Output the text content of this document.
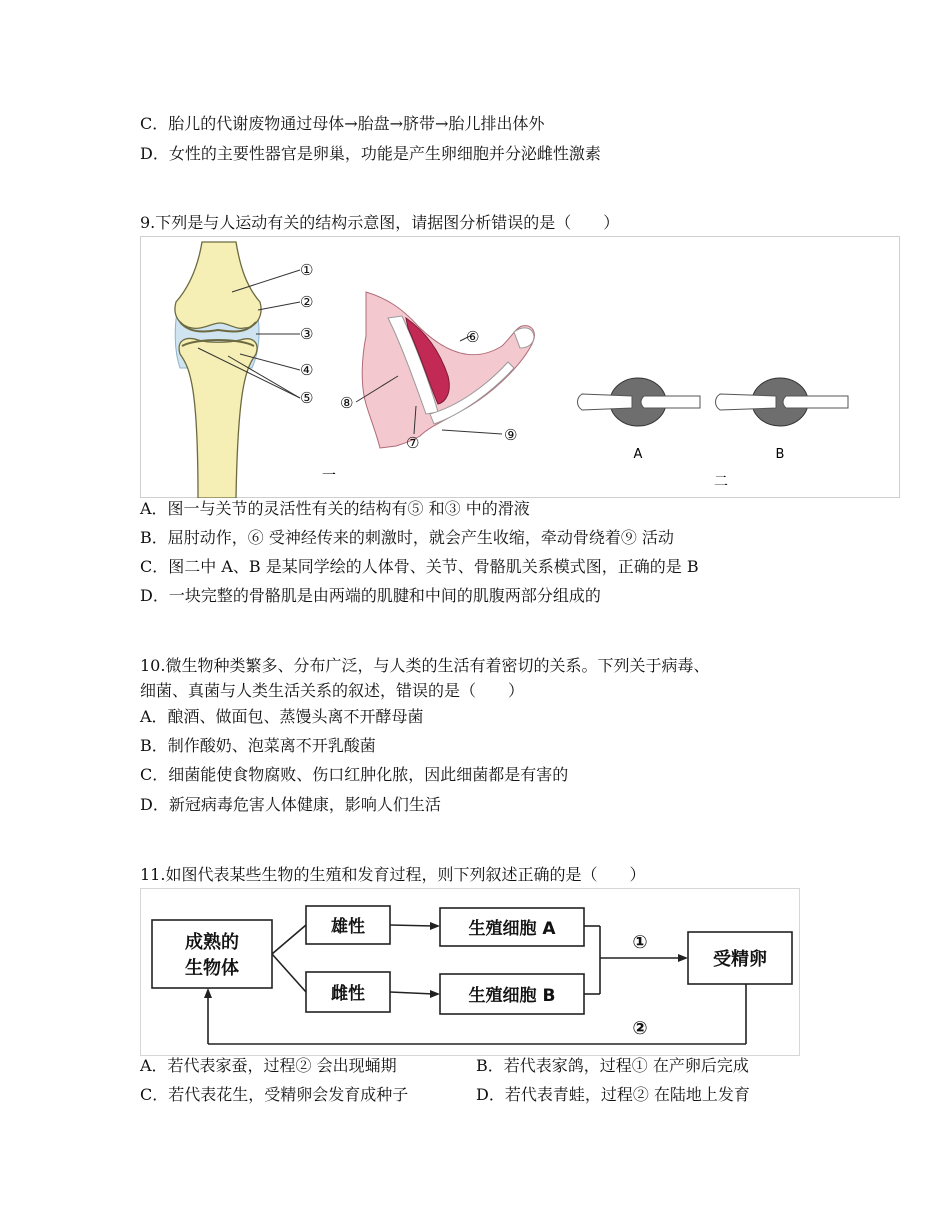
C．胎儿的代谢废物通过母体→胎盘→脐带→胎儿排出体外
D．女性的主要性器官是卵巢，功能是产生卵细胞并分泌雌性激素
9.下列是与人运动有关的结构示意图，请据图分析错误的是（　　）
①
②
③
④
⑤
一
⑥
⑧
⑦	⑨
A	B
二
A．图一与关节的灵活性有关的结构有⑤ 和③ 中的滑液
B．屈肘动作，⑥ 受神经传来的刺激时，就会产生收缩，牵动骨绕着⑨ 活动
C．图二中 A、B 是某同学绘的人体骨、关节、骨骼肌关系模式图，正确的是 B
D．一块完整的骨骼肌是由两端的肌腱和中间的肌腹两部分组成的
10.微生物种类繁多、分布广泛，与人类的生活有着密切的关系。下列关于病毒、
细菌、真菌与人类生活关系的叙述，错误的是（　　）
A．酿酒、做面包、蒸馒头离不开酵母菌
B．制作酸奶、泡菜离不开乳酸菌
C．细菌能使食物腐败、伤口红肿化脓，因此细菌都是有害的
D．新冠病毒危害人体健康，影响人们生活
11.如图代表某些生物的生殖和发育过程，则下列叙述正确的是（　　）
成熟的
生物体
雄性
雌性
生殖细胞 A
生殖细胞 B
受精卵
①
②
A．若代表家蚕，过程② 会出现蛹期	B．若代表家鸽，过程① 在产卵后完成
C．若代表花生，受精卵会发育成种子	D．若代表青蛙，过程② 在陆地上发育
